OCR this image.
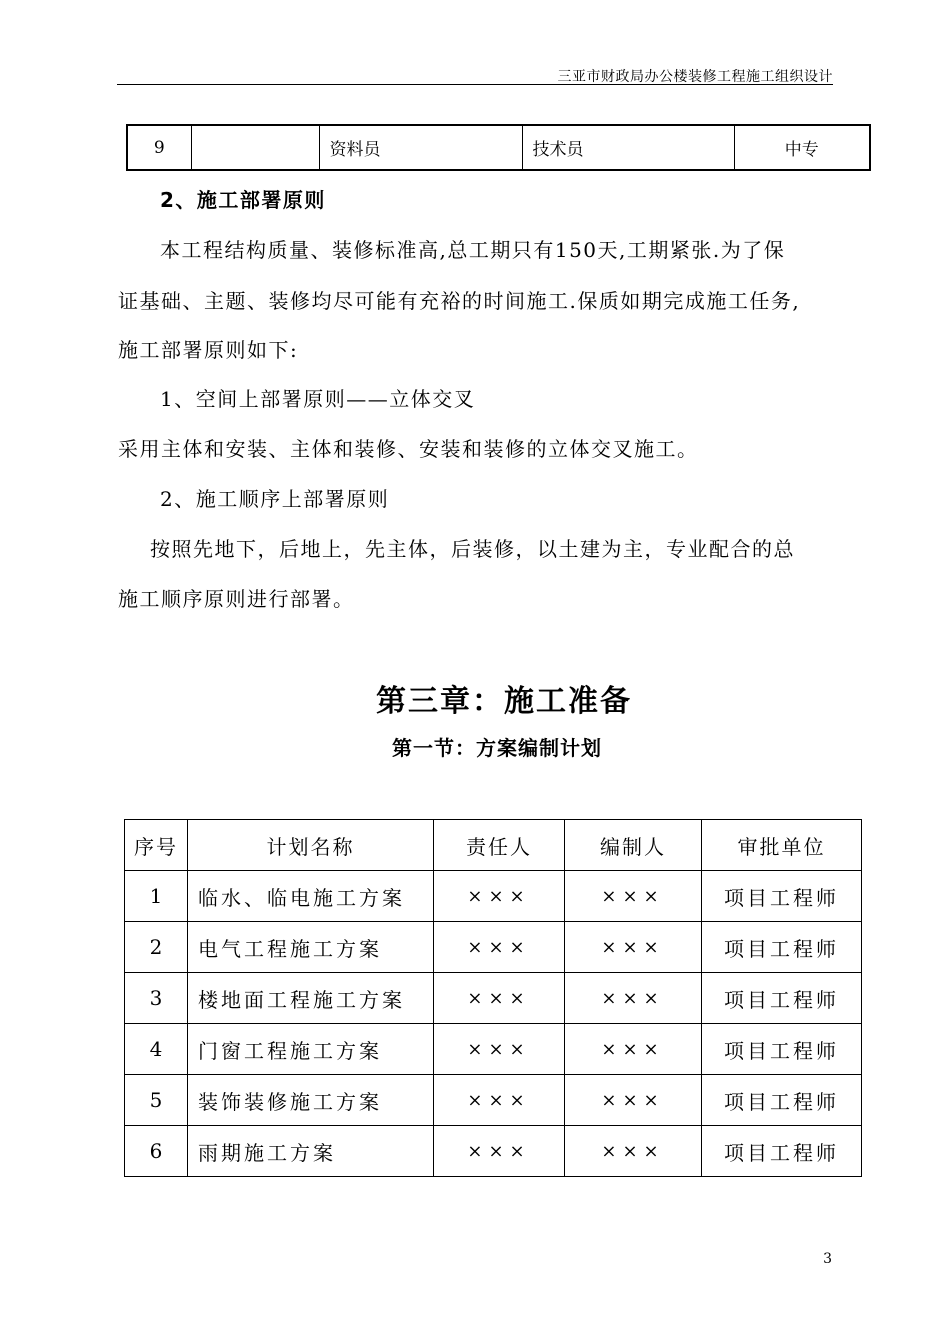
三亚市财政局办公楼装修工程施工组织设计
9		资料员	技术员	中专
2、施工部署原则
本工程结构质量、装修标准高,总工期只有150天,工期紧张.为了保
证基础、主题、装修均尽可能有充裕的时间施工.保质如期完成施工任务,
施工部署原则如下:
1、空间上部署原则——立体交叉
采用主体和安装、主体和装修、安装和装修的立体交叉施工。
2、施工顺序上部署原则
按照先地下，后地上，先主体，后装修，以土建为主，专业配合的总
施工顺序原则进行部署。
第三章：施工准备
第一节：方案编制计划
序号	计划名称	责任人	编制人	审批单位
1	临水、临电施工方案	×××	×××	项目工程师
2	电气工程施工方案	×××	×××	项目工程师
3	楼地面工程施工方案	×××	×××	项目工程师
4	门窗工程施工方案	×××	×××	项目工程师
5	装饰装修施工方案	×××	×××	项目工程师
6	雨期施工方案	×××	×××	项目工程师
3
